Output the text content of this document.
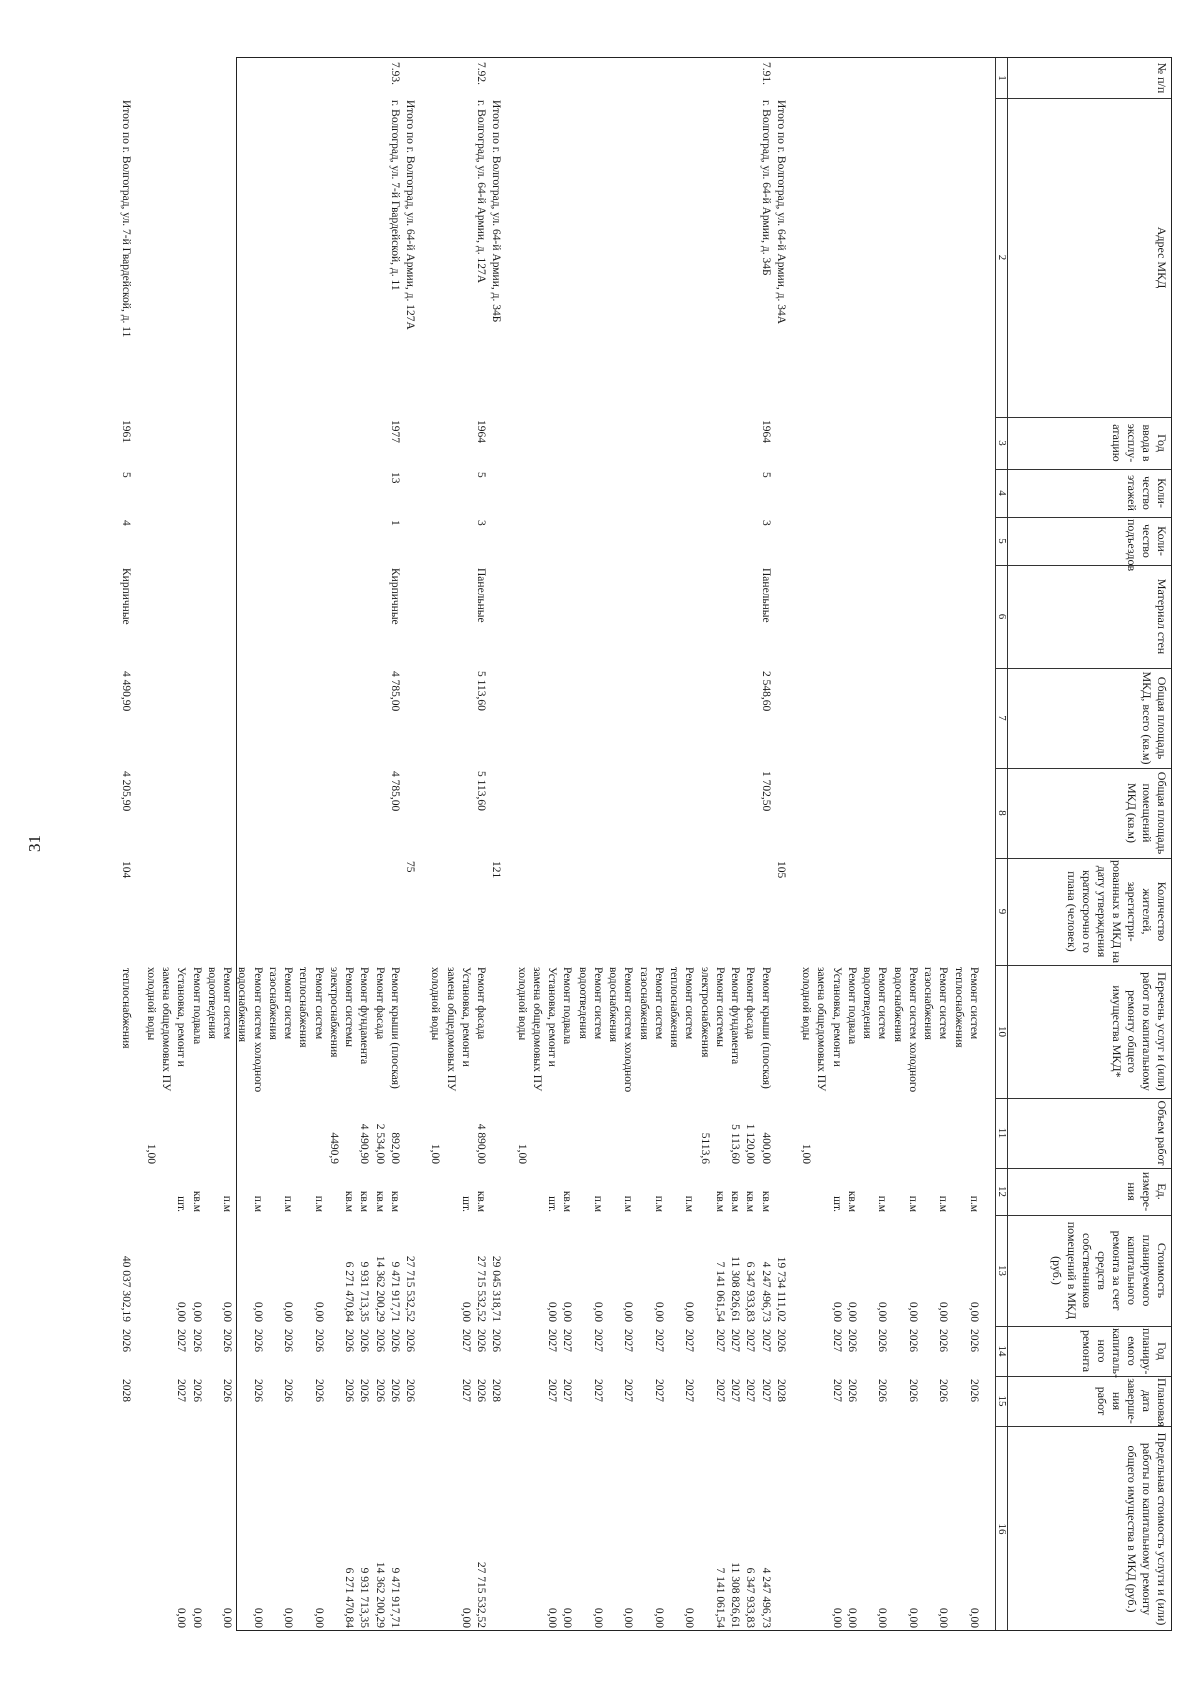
31
№ п/п
1
Адрес МКД
2
Год ввода в эксплу-атацию
3
Коли-чество этажей
4
Коли-чество подъездов
5
Материал стен
6
Общая площадь МКД, всего (кв.м)
7
Общая площадь помещений МКД (кв.м)
8
Количество жителей, зарегистри-рованных в МКД на дату утверждения краткосрочно го плана (человек)
9
Перечень услуг и (или) работ по капитальному ремонту общего имущества МКД*
10
Объем работ
11
Ед. измере-ния
12
Стоимость планируемого капитального ремонта за счет средств собственников помещений в МКД (руб.)
13
Год планиру-емого капиталь-ного ремонта
14
Плановая дата заверше-ния работ
15
Предельная стоимость услуги и (или) работы по капитальному ремонту общего имущества в МКД (руб.)
16
Ремонт систем
теплоснабжения
п.м
0,00
2026
2026
0,00
Ремонт систем
газоснабжения
п.м
0,00
2026
2026
0,00
Ремонт систем холодного
водоснабжения
п.м
0,00
2026
2026
0,00
Ремонт систем
водоотведения
п.м
0,00
2026
2026
0,00
Ремонт подвала
кв.м
0,00
2026
2026
0,00
Установка, ремонт и
замена общедомовых ПУ
холодной воды
1,00
шт.
0,00
2027
2027
0,00
Итого по г. Волгоград, ул. 64-й Армии, д. 34А
105
19 734 111,02
2026
2028
7.91.
г. Волгоград, ул. 64-й Армии, д. 34Б
1964
5
3
Панельные
2 548,60
1 702,50
Ремонт крыши (плоская)
400,00
кв.м
4 247 496,73
2027
2027
4 247 496,73
Ремонт фасада
1 120,00
кв.м
6 347 933,83
2027
2027
6 347 933,83
Ремонт фундамента
5 113,60
кв.м
11 308 826,61
2027
2027
11 308 826,61
Ремонт системы
электроснабжения
5113,6
кв.м
7 141 061,54
2027
2027
7 141 061,54
Ремонт систем
теплоснабжения
п.м
0,00
2027
2027
0,00
Ремонт систем
газоснабжения
п.м
0,00
2027
2027
0,00
Ремонт систем холодного
водоснабжения
п.м
0,00
2027
2027
0,00
Ремонт систем
водоотведения
п.м
0,00
2027
2027
0,00
Ремонт подвала
кв.м
0,00
2027
2027
0,00
Установка, ремонт и
замена общедомовых ПУ
холодной воды
1,00
шт.
0,00
2027
2027
0,00
Итого по г. Волгоград, ул. 64-й Армии, д. 34Б
121
29 045 318,71
2026
2028
7.92.
г. Волгоград, ул. 64-й Армии, д. 127А
1964
5
3
Панельные
5 113,60
5 113,60
Ремонт фасада
4 890,00
кв.м
27 715 532,52
2026
2026
27 715 532,52
Установка, ремонт и
замена общедомовых ПУ
холодной воды
1,00
шт.
0,00
2027
2027
0,00
Итого по г. Волгоград, ул. 64-й Армии, д. 127А
75
27 715 532,52
2026
2026
7.93.
г. Волгоград, ул. 7-й Гвардейской, д. 11
1977
13
1
Кирпичные
4 785,00
4 785,00
Ремонт крыши (плоская)
892,00
кв.м
9 471 917,71
2026
2026
9 471 917,71
Ремонт фасада
2 534,00
кв.м
14 362 200,29
2026
2026
14 362 200,29
Ремонт фундамента
4 490,90
кв.м
9 931 713,35
2026
2026
9 931 713,35
Ремонт системы
электроснабжения
4490,9
кв.м
6 271 470,84
2026
2026
6 271 470,84
Ремонт систем
теплоснабжения
п.м
0,00
2026
2026
0,00
Ремонт систем
газоснабжения
п.м
0,00
2026
2026
0,00
Ремонт систем холодного
водоснабжения
п.м
0,00
2026
2026
0,00
Ремонт систем
водоотведения
п.м
0,00
2026
2026
0,00
Ремонт подвала
кв.м
0,00
2026
2026
0,00
Установка, ремонт и
замена общедомовых ПУ
холодной воды
1,00
шт.
0,00
2027
2027
0,00
Итого по г. Волгоград, ул. 7-й Гвардейской, д. 11
1961
5
4
Кирпичные
4 490,90
4 205,90
104
теплоснабжения
40 037 302,19
2026
2028
